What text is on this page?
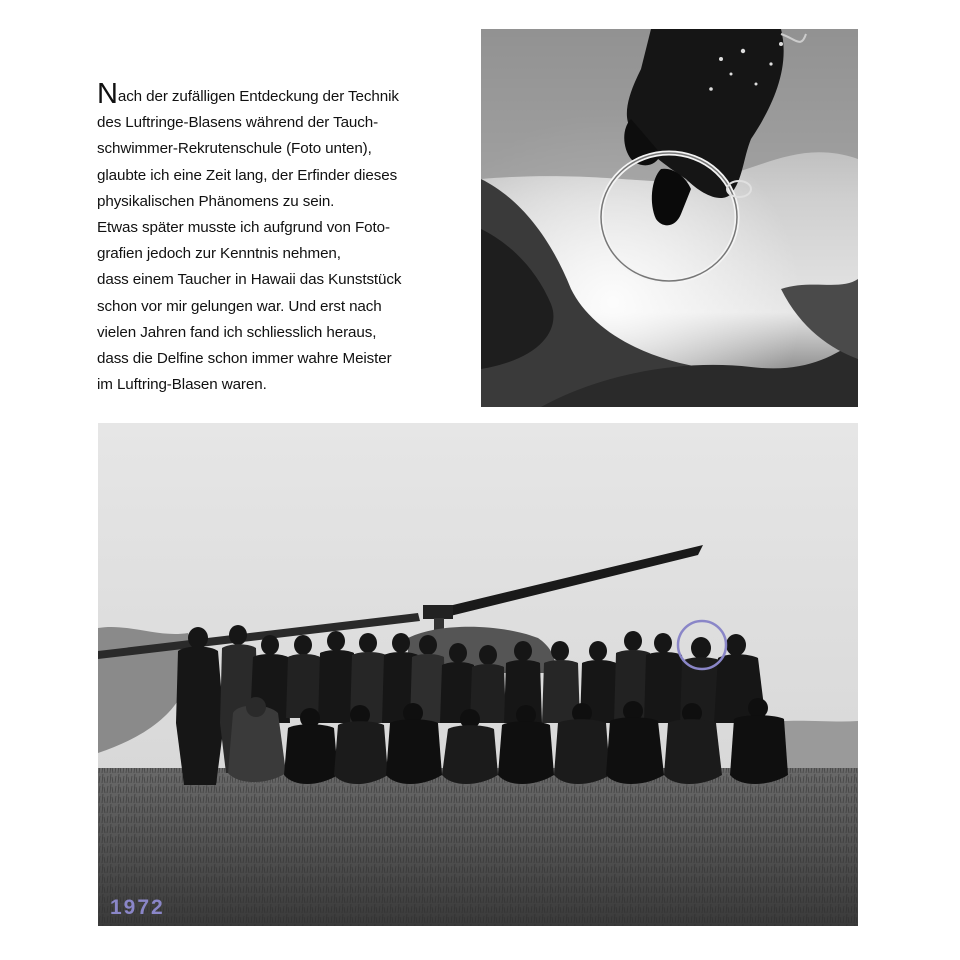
Nach der zufälligen Entdeckung der Technik
des Luftringe-Blasens während der Tauch-
schwimmer-Rekrutenschule (Foto unten),
glaubte ich eine Zeit lang, der Erfinder dieses
physikalischen Phänomens zu sein.
Etwas später musste ich aufgrund von Foto-
grafien jedoch zur Kenntnis nehmen,
dass einem Taucher in Hawaii das Kunststück
schon vor mir gelungen war. Und erst nach
vielen Jahren fand ich schliesslich heraus,
dass die Delfine schon immer wahre Meister
im Luftring-Blasen waren.
1972
